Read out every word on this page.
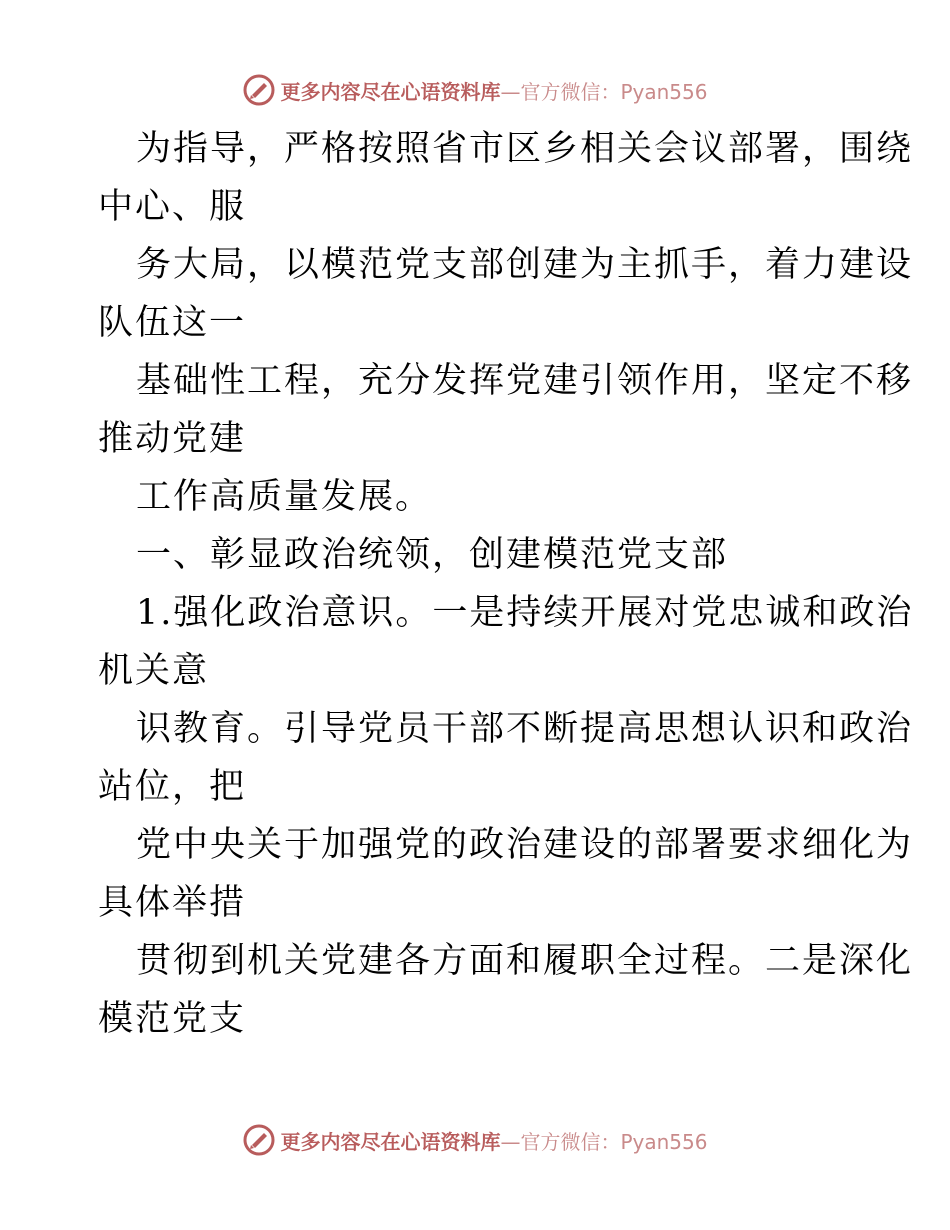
更多内容尽在心语资料库—官方微信：Pyan556
为指导，严格按照省市区乡相关会议部署，围绕
中心、服
务大局，以模范党支部创建为主抓手，着力建设
队伍这一
基础性工程，充分发挥党建引领作用，坚定不移
推动党建
工作高质量发展。
一、彰显政治统领，创建模范党支部
1.强化政治意识。一是持续开展对党忠诚和政治
机关意
识教育。引导党员干部不断提高思想认识和政治
站位，把
党中央关于加强党的政治建设的部署要求细化为
具体举措
贯彻到机关党建各方面和履职全过程。二是深化
模范党支
更多内容尽在心语资料库—官方微信：Pyan556
